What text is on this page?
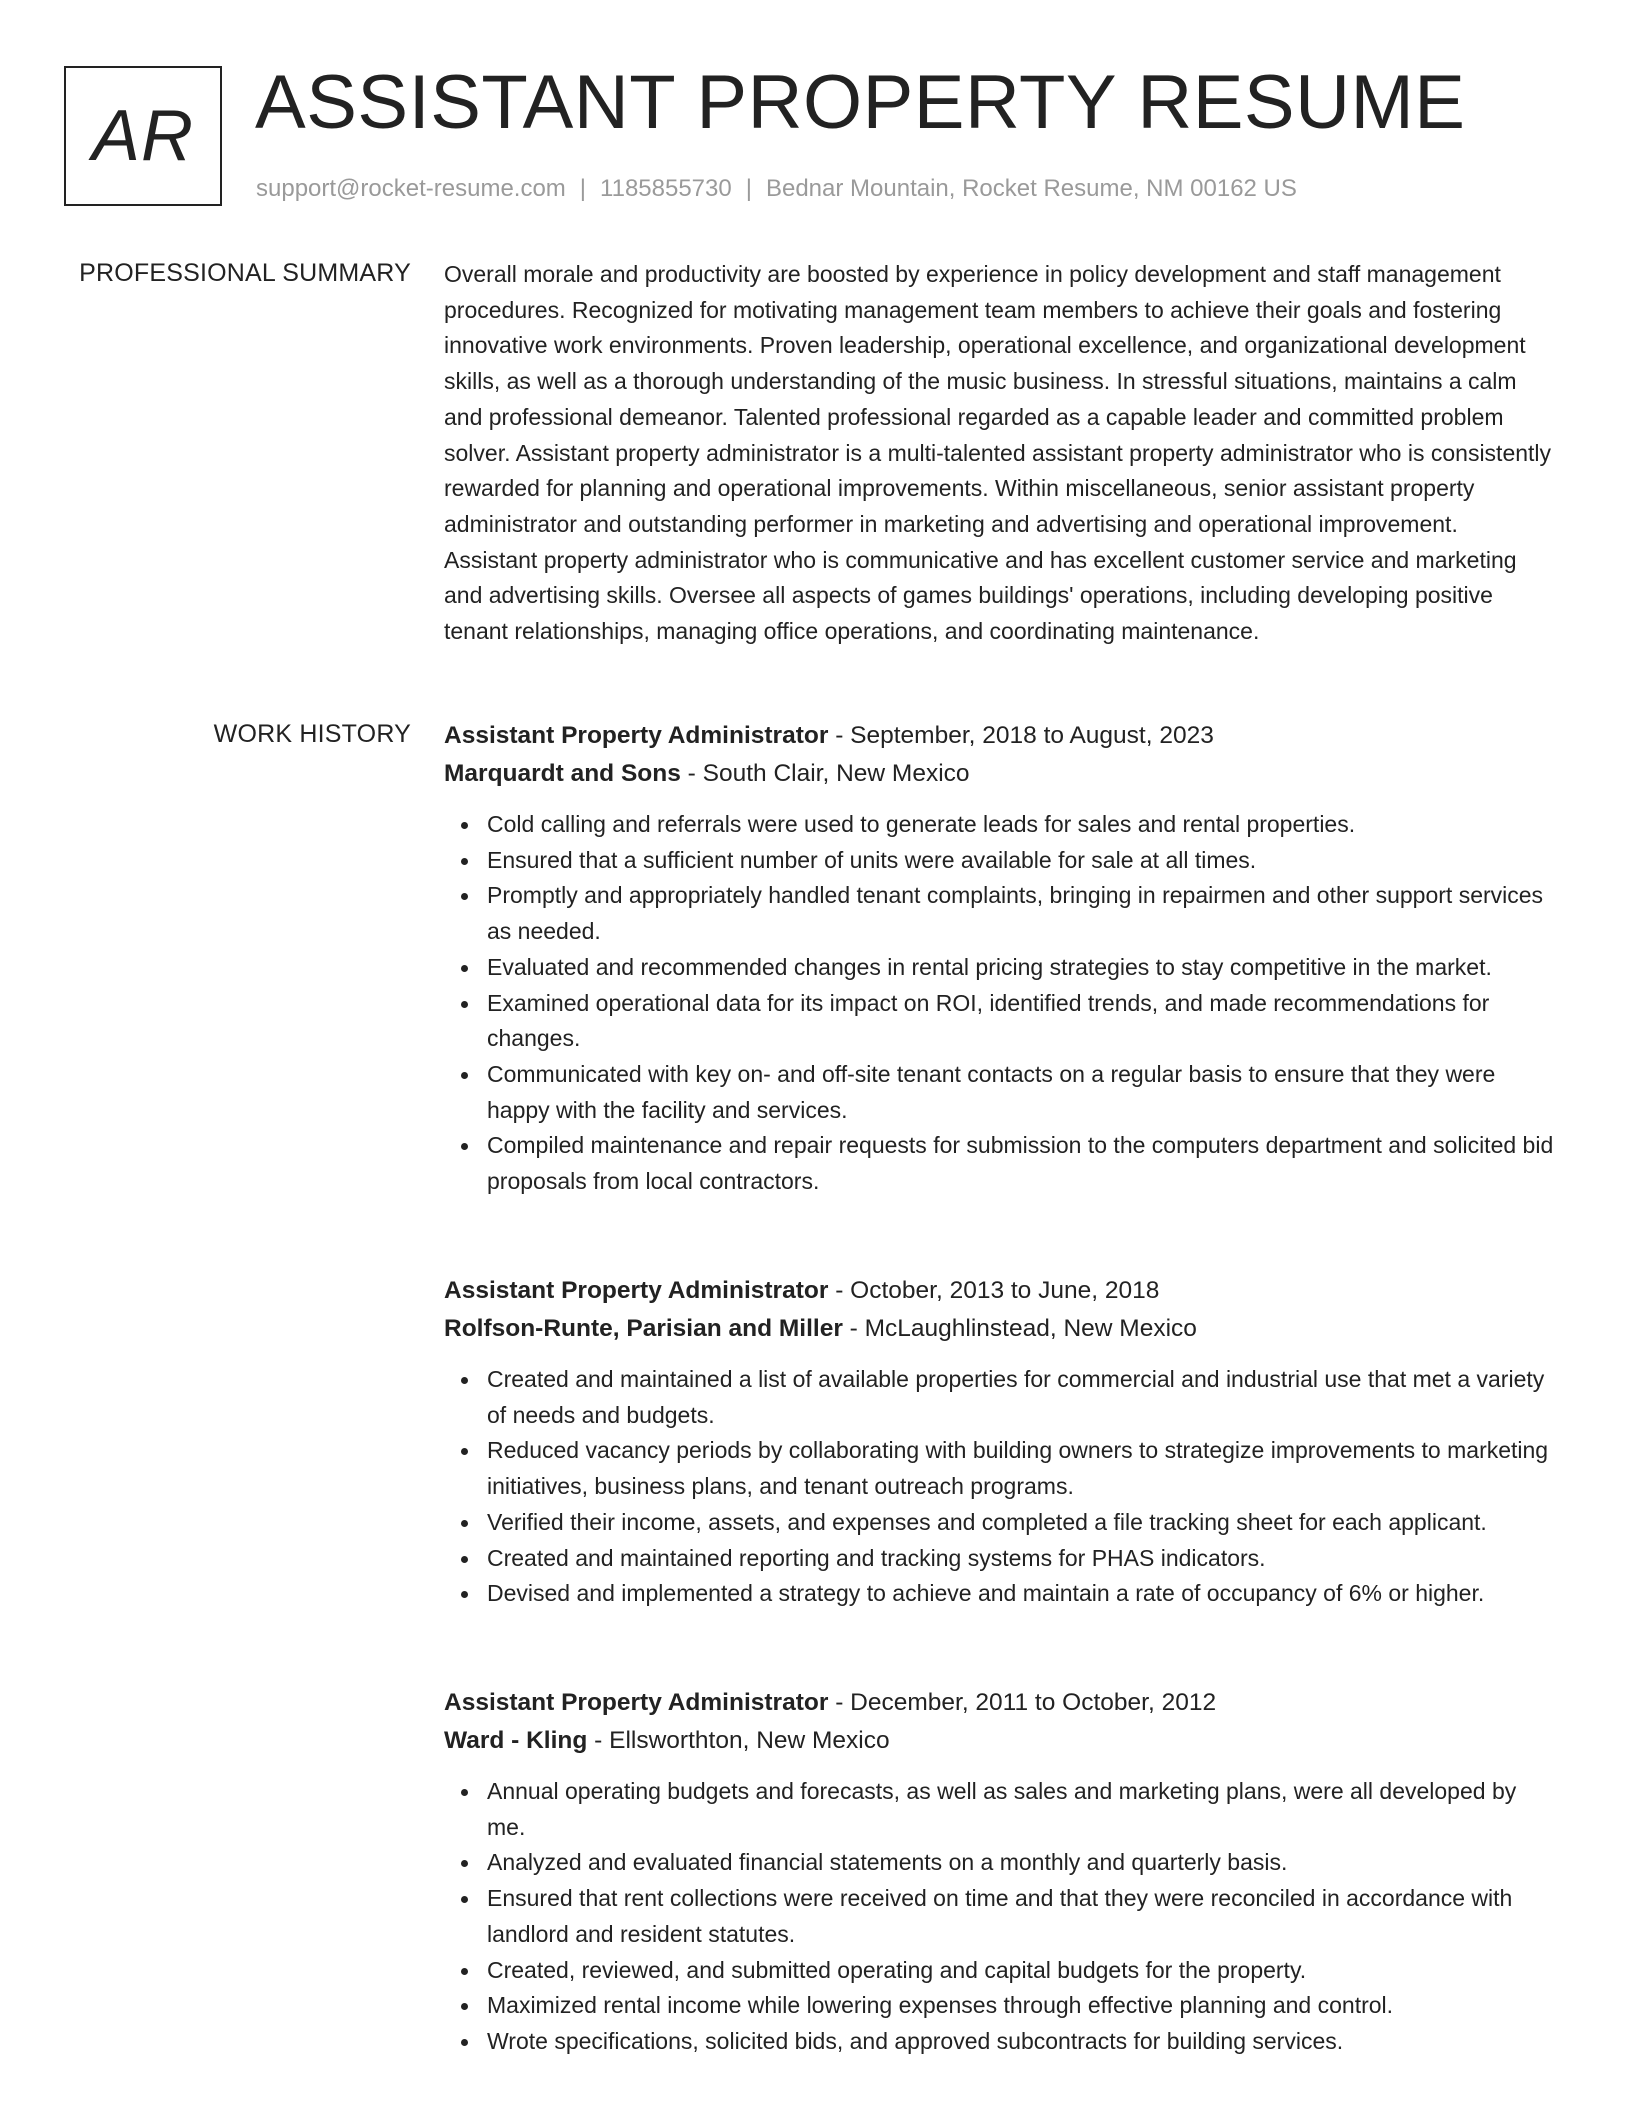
AR ASSISTANT PROPERTY RESUME
support@rocket-resume.com | 1185855730 | Bednar Mountain, Rocket Resume, NM 00162 US
PROFESSIONAL SUMMARY Overall morale and productivity are boosted by experience in policy development and staff management procedures. Recognized for motivating management team members to achieve their goals and fostering innovative work environments. Proven leadership, operational excellence, and organizational development skills, as well as a thorough understanding of the music business. In stressful situations, maintains a calm and professional demeanor. Talented professional regarded as a capable leader and committed problem solver. Assistant property administrator is a multi-talented assistant property administrator who is consistently rewarded for planning and operational improvements. Within miscellaneous, senior assistant property administrator and outstanding performer in marketing and advertising and operational improvement. Assistant property administrator who is communicative and has excellent customer service and marketing and advertising skills. Oversee all aspects of games buildings' operations, including developing positive tenant relationships, managing office operations, and coordinating maintenance.

WORK HISTORY Assistant Property Administrator - September, 2018 to August, 2023
Marquardt and Sons - South Clair, New Mexico
Cold calling and referrals were used to generate leads for sales and rental properties.
Ensured that a sufficient number of units were available for sale at all times.
Promptly and appropriately handled tenant complaints, bringing in repairmen and other support services as needed.
Evaluated and recommended changes in rental pricing strategies to stay competitive in the market.
Examined operational data for its impact on ROI, identified trends, and made recommendations for changes.
Communicated with key on- and off-site tenant contacts on a regular basis to ensure that they were happy with the facility and services.
Compiled maintenance and repair requests for submission to the computers department and solicited bid proposals from local contractors.
Assistant Property Administrator - October, 2013 to June, 2018
Rolfson-Runte, Parisian and Miller - McLaughlinstead, New Mexico
Created and maintained a list of available properties for commercial and industrial use that met a variety of needs and budgets.
Reduced vacancy periods by collaborating with building owners to strategize improvements to marketing initiatives, business plans, and tenant outreach programs.
Verified their income, assets, and expenses and completed a file tracking sheet for each applicant.
Created and maintained reporting and tracking systems for PHAS indicators.
Devised and implemented a strategy to achieve and maintain a rate of occupancy of 6% or higher.
Assistant Property Administrator - December, 2011 to October, 2012
Ward - Kling - Ellsworthton, New Mexico
Annual operating budgets and forecasts, as well as sales and marketing plans, were all developed by me.
Analyzed and evaluated financial statements on a monthly and quarterly basis.
Ensured that rent collections were received on time and that they were reconciled in accordance with landlord and resident statutes.
Created, reviewed, and submitted operating and capital budgets for the property.
Maximized rental income while lowering expenses through effective planning and control.
Wrote specifications, solicited bids, and approved subcontracts for building services.
